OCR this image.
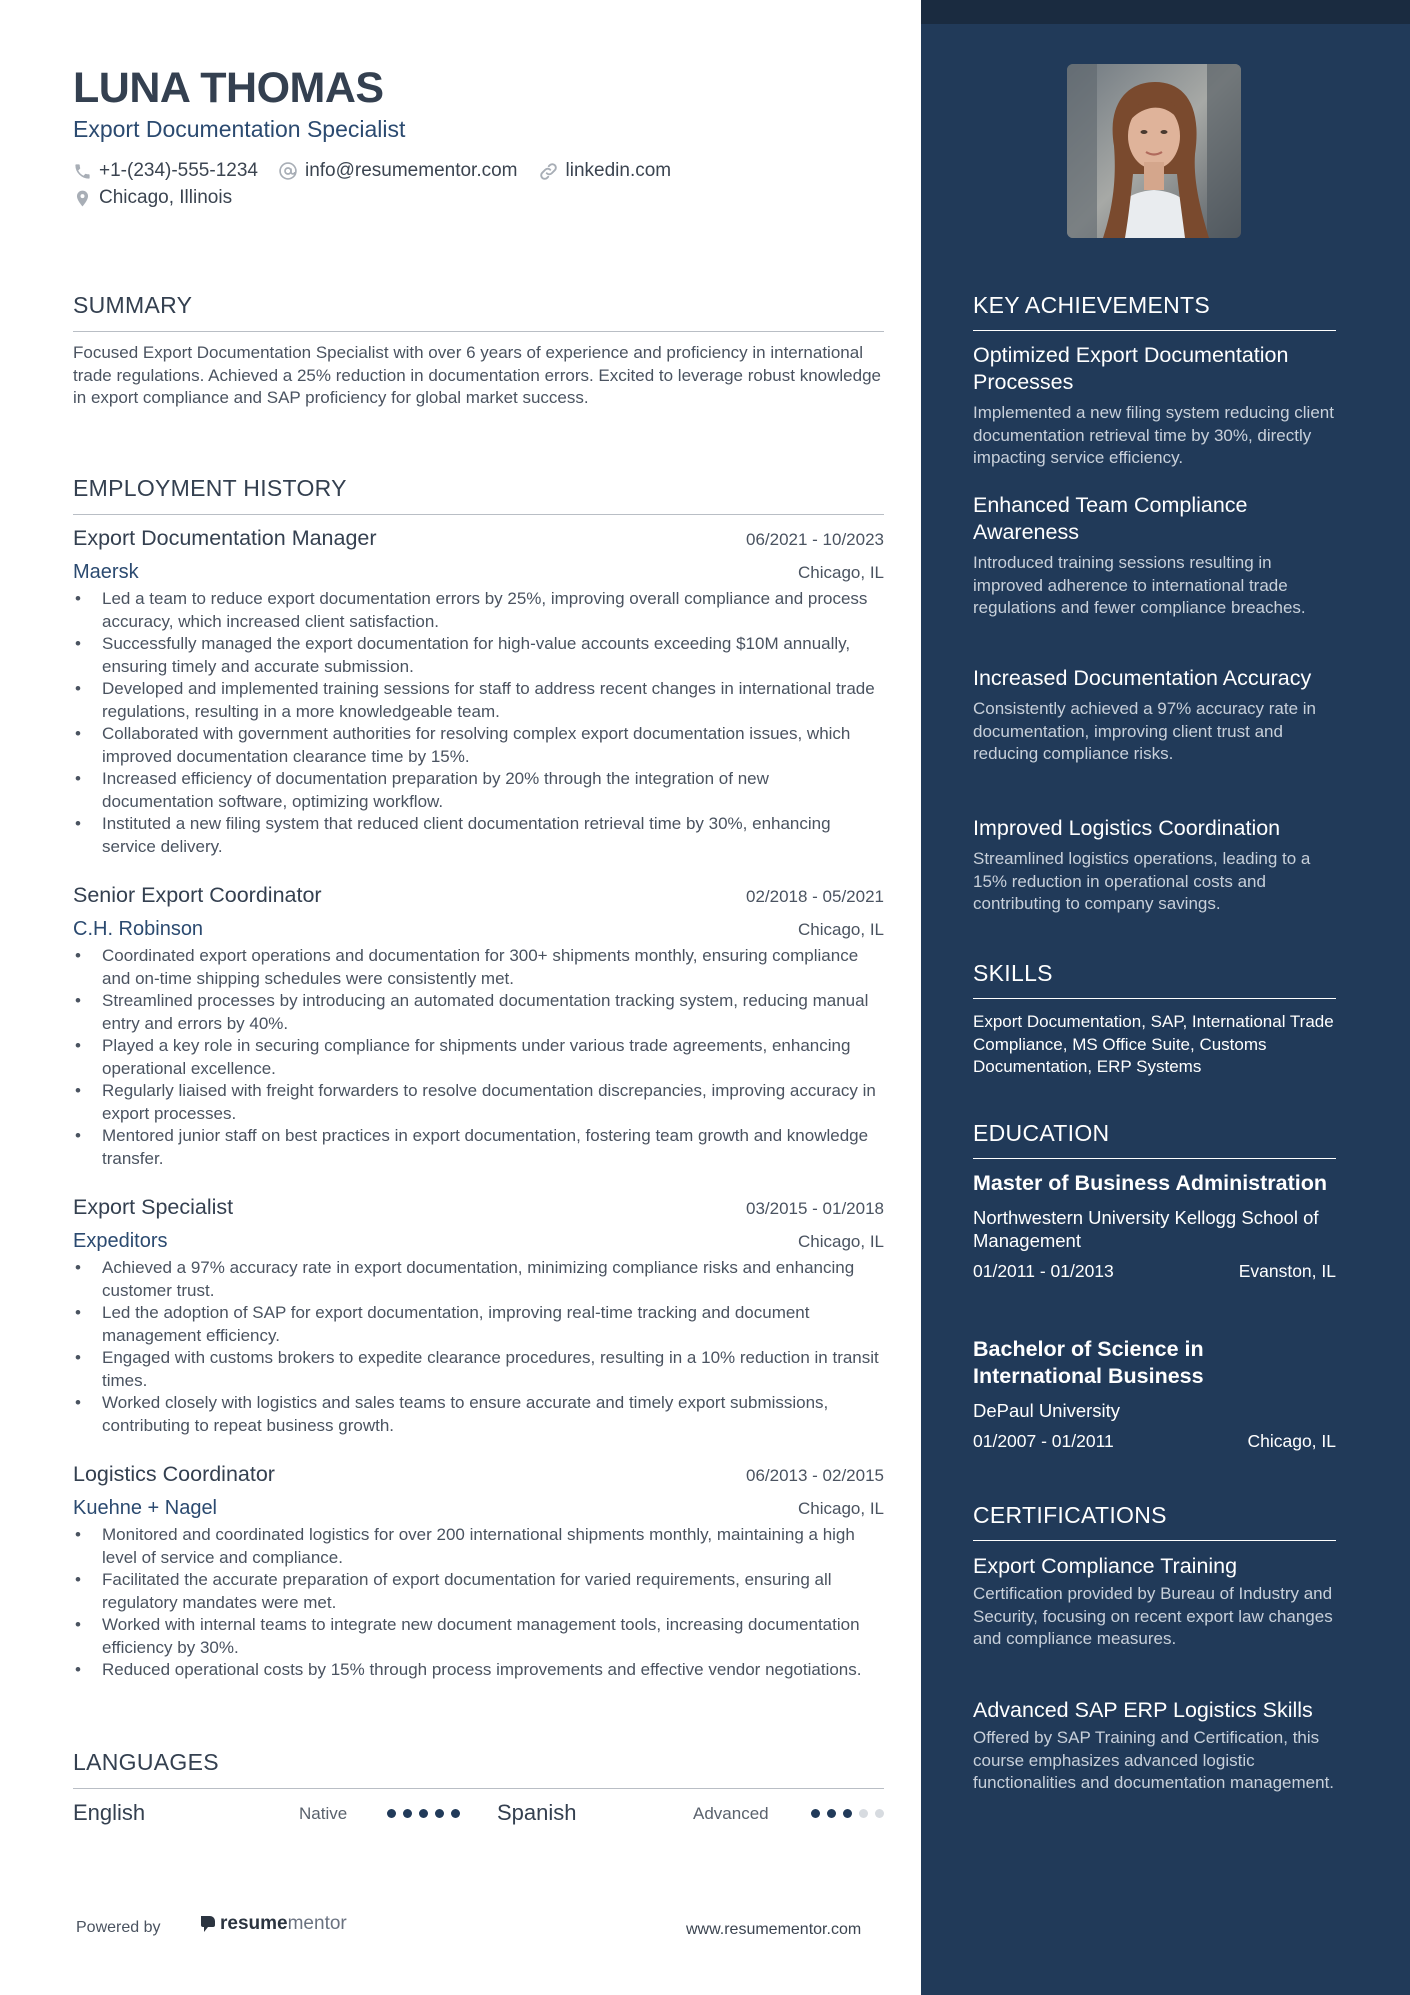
LUNA THOMAS
Export Documentation Specialist
+1-(234)-555-1234 info@resumementor.com	linkedin.com
Chicago, Illinois
SUMMARY
Focused Export Documentation Specialist with over 6 years of experience and proficiency in international trade regulations. Achieved a 25% reduction in documentation errors. Excited to leverage robust knowledge in export compliance and SAP proficiency for global market success.
EMPLOYMENT HISTORY
Export Documentation Manager	06/2021 - 10/2023
Maersk	Chicago, IL
• Led a team to reduce export documentation errors by 25%, improving overall compliance and process accuracy, which increased client satisfaction.
• Successfully managed the export documentation for high-value accounts exceeding $10M annually, ensuring timely and accurate submission.
• Developed and implemented training sessions for staff to address recent changes in international trade regulations, resulting in a more knowledgeable team.
• Collaborated with government authorities for resolving complex export documentation issues, which improved documentation clearance time by 15%.
• Increased efficiency of documentation preparation by 20% through the integration of new documentation software, optimizing workflow.
• Instituted a new filing system that reduced client documentation retrieval time by 30%, enhancing service delivery.
Senior Export Coordinator	02/2018 - 05/2021
C.H. Robinson	Chicago, IL
• Coordinated export operations and documentation for 300+ shipments monthly, ensuring compliance and on-time shipping schedules were consistently met.
• Streamlined processes by introducing an automated documentation tracking system, reducing manual entry and errors by 40%.
• Played a key role in securing compliance for shipments under various trade agreements, enhancing operational excellence.
• Regularly liaised with freight forwarders to resolve documentation discrepancies, improving accuracy in export processes.
• Mentored junior staff on best practices in export documentation, fostering team growth and knowledge transfer.
Export Specialist	03/2015 - 01/2018
Expeditors	Chicago, IL
• Achieved a 97% accuracy rate in export documentation, minimizing compliance risks and enhancing customer trust.
• Led the adoption of SAP for export documentation, improving real-time tracking and document management efficiency.
• Engaged with customs brokers to expedite clearance procedures, resulting in a 10% reduction in transit times.
• Worked closely with logistics and sales teams to ensure accurate and timely export submissions, contributing to repeat business growth.
Logistics Coordinator	06/2013 - 02/2015
Kuehne + Nagel	Chicago, IL
• Monitored and coordinated logistics for over 200 international shipments monthly, maintaining a high level of service and compliance.
• Facilitated the accurate preparation of export documentation for varied requirements, ensuring all regulatory mandates were met.
• Worked with internal teams to integrate new document management tools, increasing documentation efficiency by 30%.
• Reduced operational costs by 15% through process improvements and effective vendor negotiations.
LANGUAGES
English	Native	Spanish	Advanced
Powered by	resume mentor	www.resumementor.com
KEY ACHIEVEMENTS
Optimized Export Documentation Processes
Implemented a new filing system reducing client documentation retrieval time by 30%, directly impacting service efficiency.
Enhanced Team Compliance Awareness
Introduced training sessions resulting in improved adherence to international trade regulations and fewer compliance breaches.
Increased Documentation Accuracy
Consistently achieved a 97% accuracy rate in documentation, improving client trust and reducing compliance risks.
Improved Logistics Coordination
Streamlined logistics operations, leading to a 15% reduction in operational costs and contributing to company savings.
SKILLS
Export Documentation, SAP, International Trade Compliance, MS Office Suite, Customs Documentation, ERP Systems
EDUCATION
Master of Business Administration
Northwestern University Kellogg School of Management
01/2011 - 01/2013	Evanston, IL
Bachelor of Science in International Business
DePaul University
01/2007 - 01/2011	Chicago, IL
CERTIFICATIONS
Export Compliance Training
Certification provided by Bureau of Industry and Security, focusing on recent export law changes and compliance measures.
Advanced SAP ERP Logistics Skills
Offered by SAP Training and Certification, this course emphasizes advanced logistic functionalities and documentation management.
